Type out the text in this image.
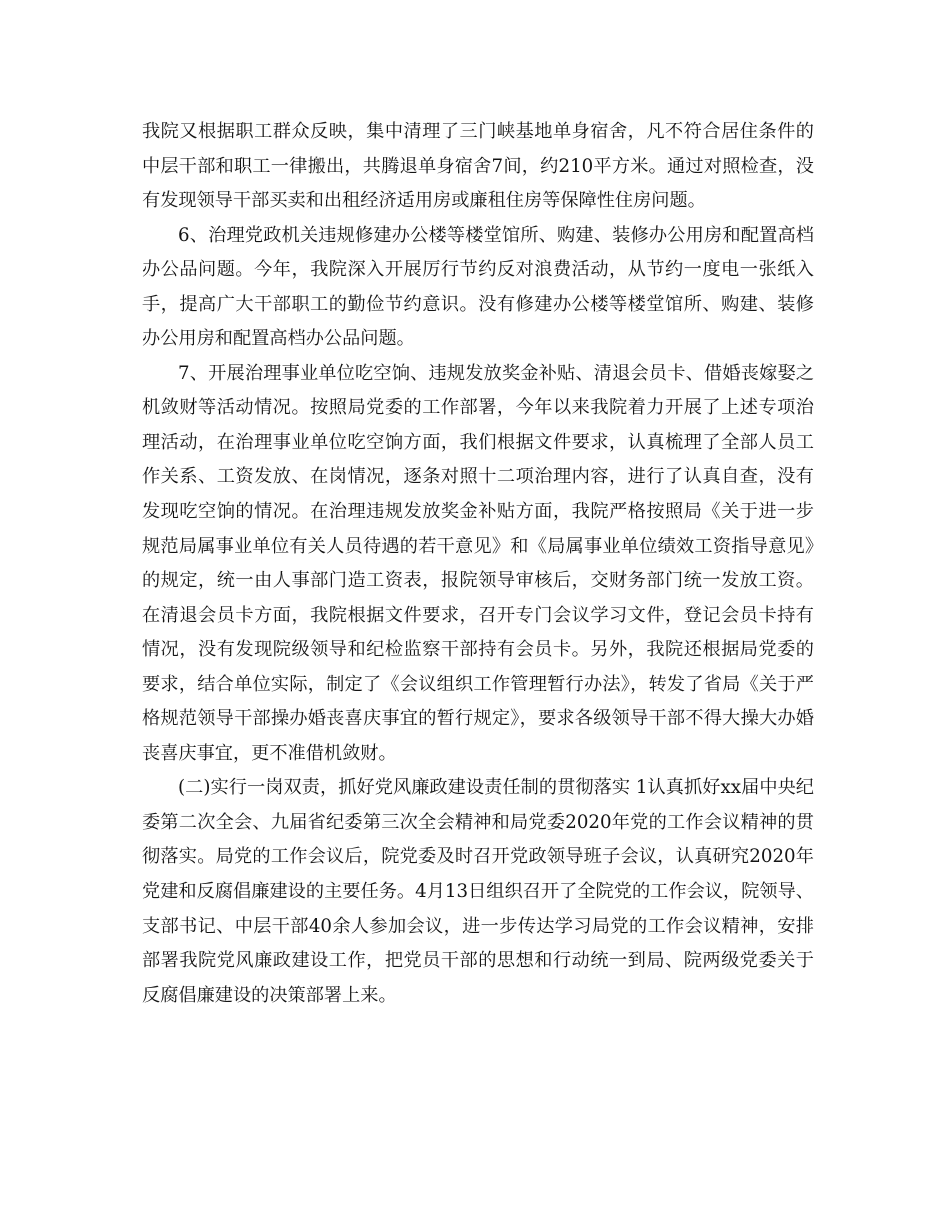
我院又根据职工群众反映，集中清理了三门峡基地单身宿舍，凡不符合居住条件的中层干部和职工一律搬出，共腾退单身宿舍7间，约210平方米。通过对照检查，没有发现领导干部买卖和出租经济适用房或廉租住房等保障性住房问题。

6、治理党政机关违规修建办公楼等楼堂馆所、购建、装修办公用房和配置高档办公品问题。今年，我院深入开展厉行节约反对浪费活动，从节约一度电一张纸入手，提高广大干部职工的勤俭节约意识。没有修建办公楼等楼堂馆所、购建、装修办公用房和配置高档办公品问题。

7、开展治理事业单位吃空饷、违规发放奖金补贴、清退会员卡、借婚丧嫁娶之机敛财等活动情况。按照局党委的工作部署，今年以来我院着力开展了上述专项治理活动，在治理事业单位吃空饷方面，我们根据文件要求，认真梳理了全部人员工作关系、工资发放、在岗情况，逐条对照十二项治理内容，进行了认真自查，没有发现吃空饷的情况。在治理违规发放奖金补贴方面，我院严格按照局《关于进一步规范局属事业单位有关人员待遇的若干意见》和《局属事业单位绩效工资指导意见》的规定，统一由人事部门造工资表，报院领导审核后，交财务部门统一发放工资。在清退会员卡方面，我院根据文件要求，召开专门会议学习文件，登记会员卡持有情况，没有发现院级领导和纪检监察干部持有会员卡。另外，我院还根据局党委的要求，结合单位实际，制定了《会议组织工作管理暂行办法》，转发了省局《关于严格规范领导干部操办婚丧喜庆事宜的暂行规定》，要求各级领导干部不得大操大办婚丧喜庆事宜，更不准借机敛财。

(二)实行一岗双责，抓好党风廉政建设责任制的贯彻落实 1认真抓好xx届中央纪委第二次全会、九届省纪委第三次全会精神和局党委2020年党的工作会议精神的贯彻落实。局党的工作会议后，院党委及时召开党政领导班子会议，认真研究2020年党建和反腐倡廉建设的主要任务。4月13日组织召开了全院党的工作会议，院领导、支部书记、中层干部40余人参加会议，进一步传达学习局党的工作会议精神，安排部署我院党风廉政建设工作，把党员干部的思想和行动统一到局、院两级党委关于反腐倡廉建设的决策部署上来。
